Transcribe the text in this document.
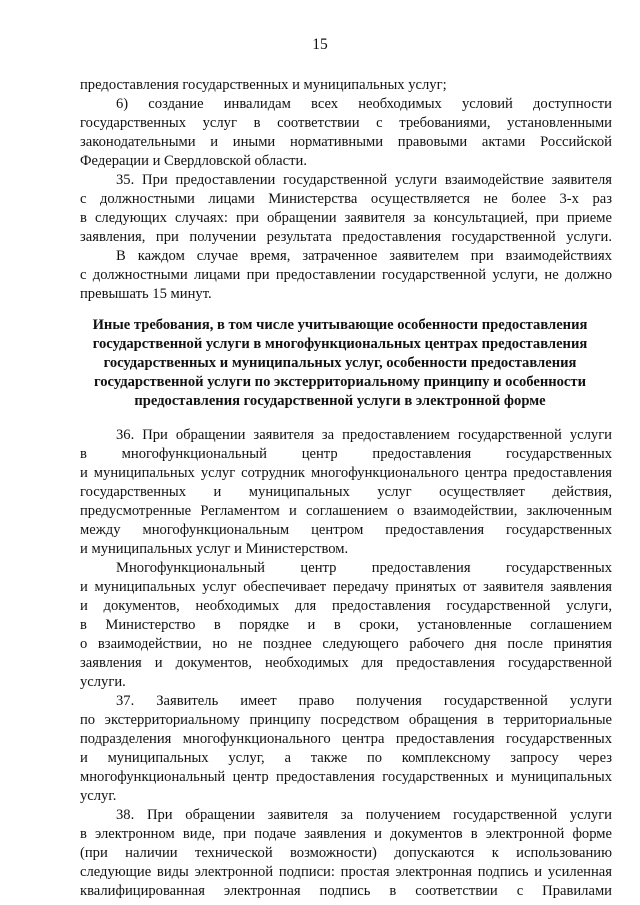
15
предоставления государственных и муниципальных услуг;
6) создание инвалидам всех необходимых условий доступности
государственных услуг в соответствии с требованиями, установленными
законодательными и иными нормативными правовыми актами Российской
Федерации и Свердловской области.
35. При предоставлении государственной услуги взаимодействие заявителя
с должностными лицами Министерства осуществляется не более 3-х раз
в следующих случаях: при обращении заявителя за консультацией, при приеме
заявления, при получении результата предоставления государственной услуги.
В каждом случае время, затраченное заявителем при взаимодействиях
с должностными лицами при предоставлении государственной услуги, не должно
превышать 15 минут.
Иные требования, в том числе учитывающие особенности предоставления
государственной услуги в многофункциональных центрах предоставления
государственных и муниципальных услуг, особенности предоставления
государственной услуги по экстерриториальному принципу и особенности
предоставления государственной услуги в электронной форме
36. При обращении заявителя за предоставлением государственной услуги
в многофункциональный центр предоставления государственных
и муниципальных услуг сотрудник многофункционального центра предоставления
государственных и муниципальных услуг осуществляет действия,
предусмотренные Регламентом и соглашением о взаимодействии, заключенным
между многофункциональным центром предоставления государственных
и муниципальных услуг и Министерством.
Многофункциональный центр предоставления государственных
и муниципальных услуг обеспечивает передачу принятых от заявителя заявления
и документов, необходимых для предоставления государственной услуги,
в Министерство в порядке и в сроки, установленные соглашением
о взаимодействии, но не позднее следующего рабочего дня после принятия
заявления и документов, необходимых для предоставления государственной
услуги.
37. Заявитель имеет право получения государственной услуги
по экстерриториальному принципу посредством обращения в территориальные
подразделения многофункционального центра предоставления государственных
и муниципальных услуг, а также по комплексному запросу через
многофункциональный центр предоставления государственных и муниципальных
услуг.
38. При обращении заявителя за получением государственной услуги
в электронном виде, при подаче заявления и документов в электронной форме
(при наличии технической возможности) допускаются к использованию
следующие виды электронной подписи: простая электронная подпись и усиленная
квалифицированная электронная подпись в соответствии с Правилами
